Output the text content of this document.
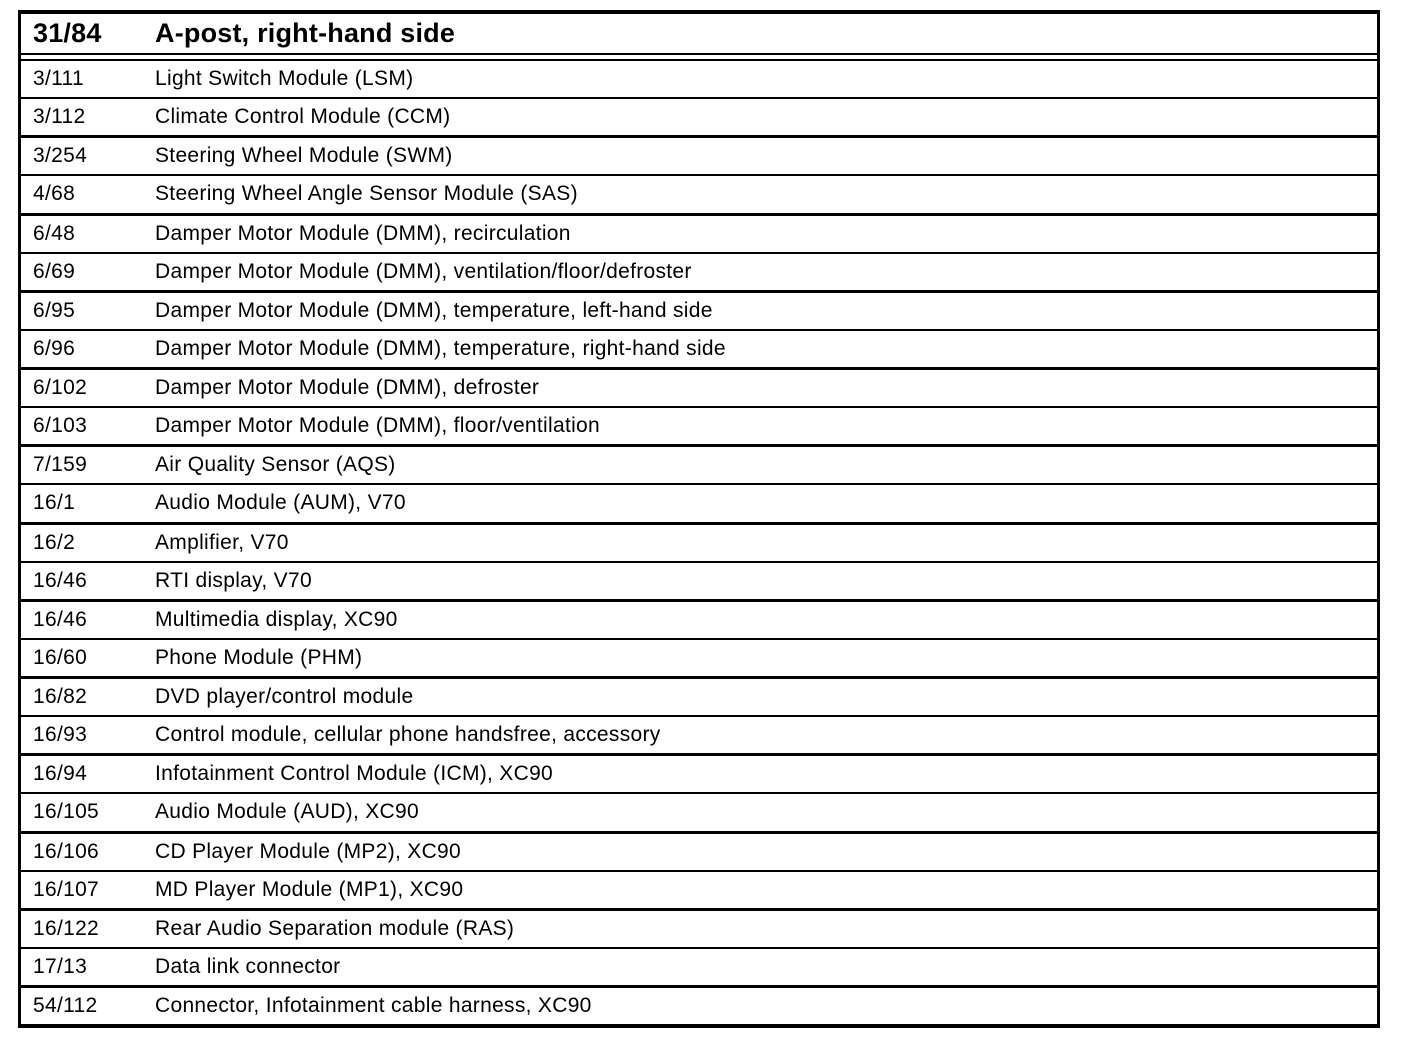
31/84	A-post, right-hand side
3/111	Light Switch Module (LSM)
3/112	Climate Control Module (CCM)
3/254	Steering Wheel Module (SWM)
4/68	Steering Wheel Angle Sensor Module (SAS)
6/48	Damper Motor Module (DMM), recirculation
6/69	Damper Motor Module (DMM), ventilation/floor/defroster
6/95	Damper Motor Module (DMM), temperature, left-hand side
6/96	Damper Motor Module (DMM), temperature, right-hand side
6/102	Damper Motor Module (DMM), defroster
6/103	Damper Motor Module (DMM), floor/ventilation
7/159	Air Quality Sensor (AQS)
16/1	Audio Module (AUM), V70
16/2	Amplifier, V70
16/46	RTI display, V70
16/46	Multimedia display, XC90
16/60	Phone Module (PHM)
16/82	DVD player/control module
16/93	Control module, cellular phone handsfree, accessory
16/94	Infotainment Control Module (ICM), XC90
16/105	Audio Module (AUD), XC90
16/106	CD Player Module (MP2), XC90
16/107	MD Player Module (MP1), XC90
16/122	Rear Audio Separation module (RAS)
17/13	Data link connector
54/112	Connector, Infotainment cable harness, XC90
